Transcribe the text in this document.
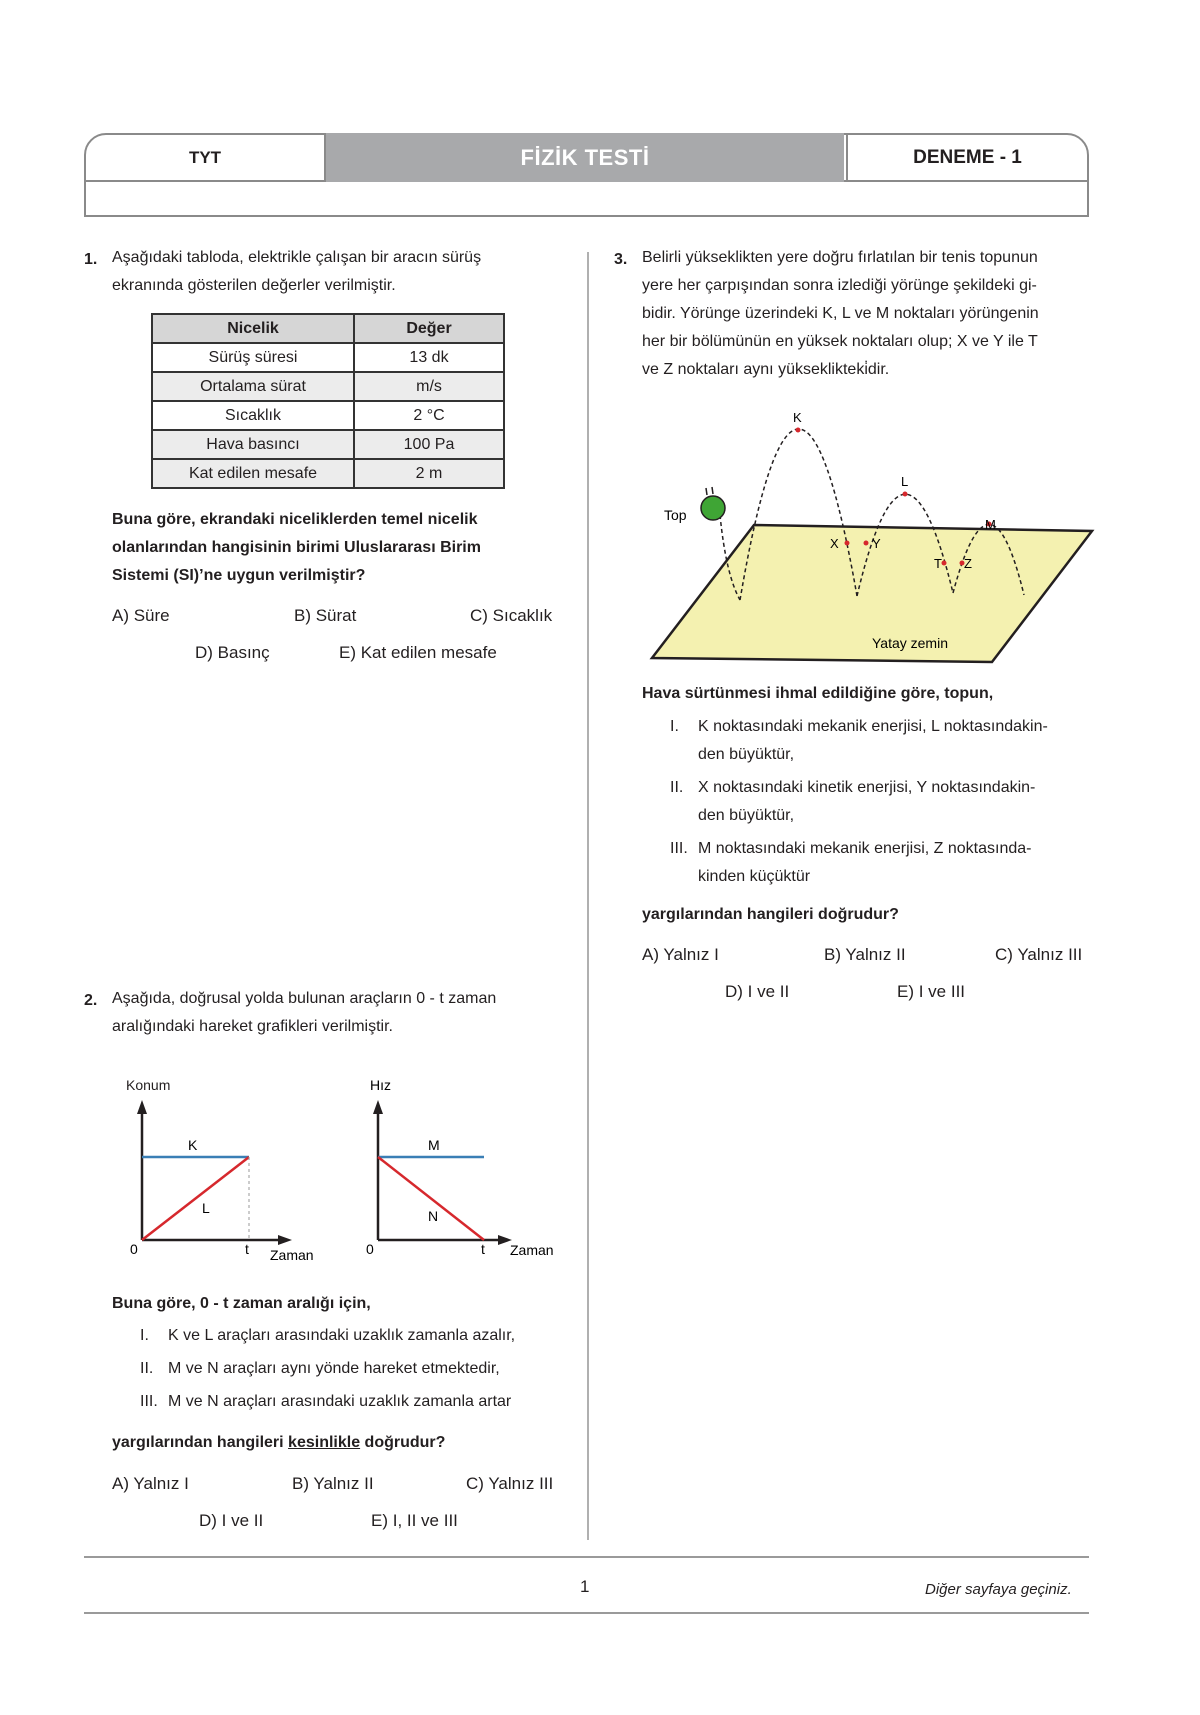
TYT	FİZİK TESTİ	DENEME - 1
1. Aşağıdaki tabloda, elektrikle çalışan bir aracın sürüş
ekranında gösterilen değerler verilmiştir.
Nicelik	Değer
Sürüş süresi	13 dk
Ortalama sürat	m/s
Sıcaklık	2 °C
Hava basıncı	100 Pa
Kat edilen mesafe	2 m
Buna göre, ekrandaki niceliklerden temel nicelik
olanlarından hangisinin birimi Uluslararası Birim
Sistemi (SI)’ne uygun verilmiştir?
A) Süre	B) Sürat	C) Sıcaklık
D) Basınç	E) Kat edilen mesafe
2. Aşağıda, doğrusal yolda bulunan araçların 0 - t zaman
aralığındaki hareket grafikleri verilmiştir.
Konum
K
L
0	t Zaman
Hız
M
N
0	t Zaman
Buna göre, 0 - t zaman aralığı için,
I. K ve L araçları arasındaki uzaklık zamanla azalır,
II. M ve N araçları aynı yönde hareket etmektedir,
III. M ve N araçları arasındaki uzaklık zamanla artar
yargılarından hangileri kesinlikle doğrudur?
A) Yalnız I	B) Yalnız II	C) Yalnız III
D) I ve II	E) I, II ve III
3. Belirli yükseklikten yere doğru fırlatılan bir tenis topunun
yere her çarpışından sonra izlediği yörünge şekildeki gi-
bidir. Yörünge üzerindeki K, L ve M noktaları yörüngenin
her bir bölümünün en yüksek noktaları olup; X ve Y ile T
ve Z noktaları aynı yükseklikteki̇dir.
Yatay zemin
Top
K
L
M
X	Y
T Z
Hava sürtünmesi ihmal edildiğine göre, topun,
I. K noktasındaki mekanik enerjisi, L noktasındakin-
den büyüktür,
II. X noktasındaki kinetik enerjisi, Y noktasındakin-
den büyüktür,
III. M noktasındaki mekanik enerjisi, Z noktasında-
kinden küçüktür
yargılarından hangileri doğrudur?
A) Yalnız I	B) Yalnız II	C) Yalnız III
D) I ve II	E) I ve III
1	Diğer sayfaya geçiniz.
